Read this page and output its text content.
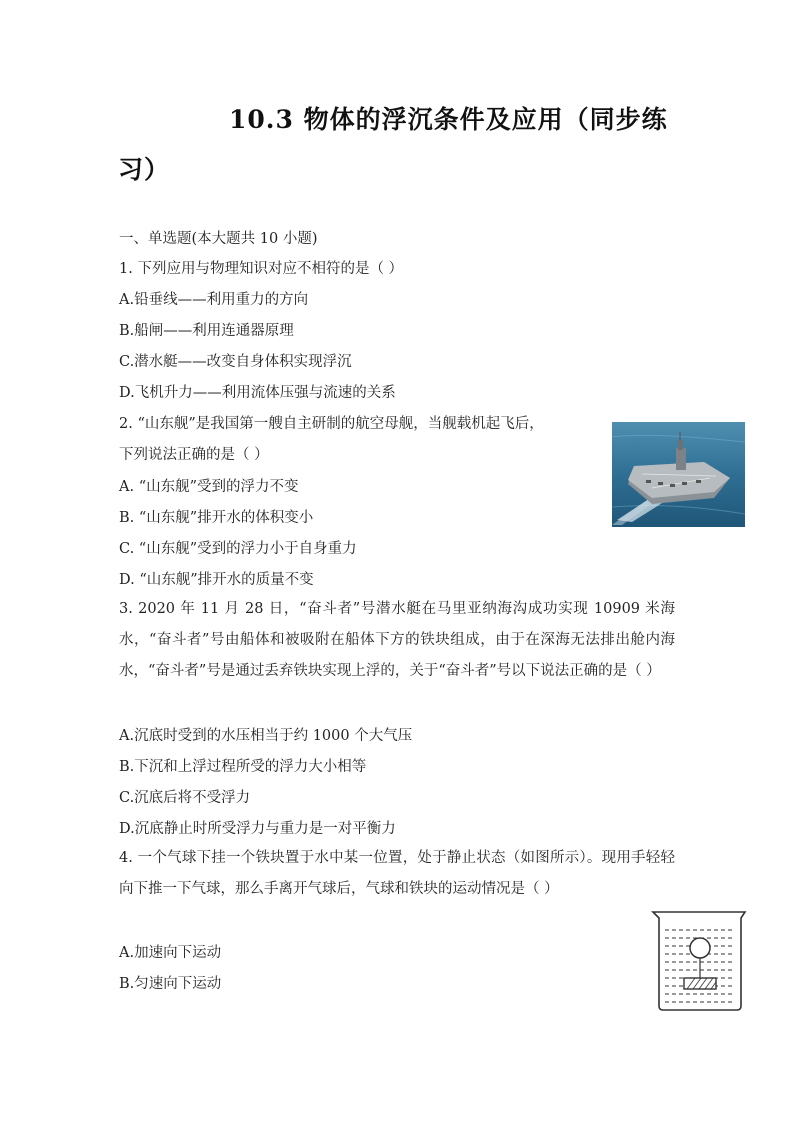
10.3 物体的浮沉条件及应用（同步练
习）
一、单选题(本大题共 10 小题)
1. 下列应用与物理知识对应不相符的是（ ）
A.铅垂线——利用重力的方向
B.船闸——利用连通器原理
C.潜水艇——改变自身体积实现浮沉
D.飞机升力——利用流体压强与流速的关系
2. “山东舰”是我国第一艘自主研制的航空母舰，当舰载机起飞后，
下列说法正确的是（ ）
A. “山东舰”受到的浮力不变
B. “山东舰”排开水的体积变小
C. “山东舰”受到的浮力小于自身重力
D. “山东舰”排开水的质量不变
3. 2020 年 11 月 28 日，“奋斗者”号潜水艇在马里亚纳海沟成功实现 10909 米海水，“奋斗者”号由船体和被吸附在船体下方的铁块组成，由于在深海无法排出舱内海水，“奋斗者”号是通过丢弃铁块实现上浮的，关于“奋斗者”号以下说法正确的是（ ）
A.沉底时受到的水压相当于约 1000 个大气压
B.下沉和上浮过程所受的浮力大小相等
C.沉底后将不受浮力
D.沉底静止时所受浮力与重力是一对平衡力
4. 一个气球下挂一个铁块置于水中某一位置，处于静止状态（如图所示）。现用手轻轻向下推一下气球，那么手离开气球后，气球和铁块的运动情况是（ ）
A.加速向下运动
B.匀速向下运动
